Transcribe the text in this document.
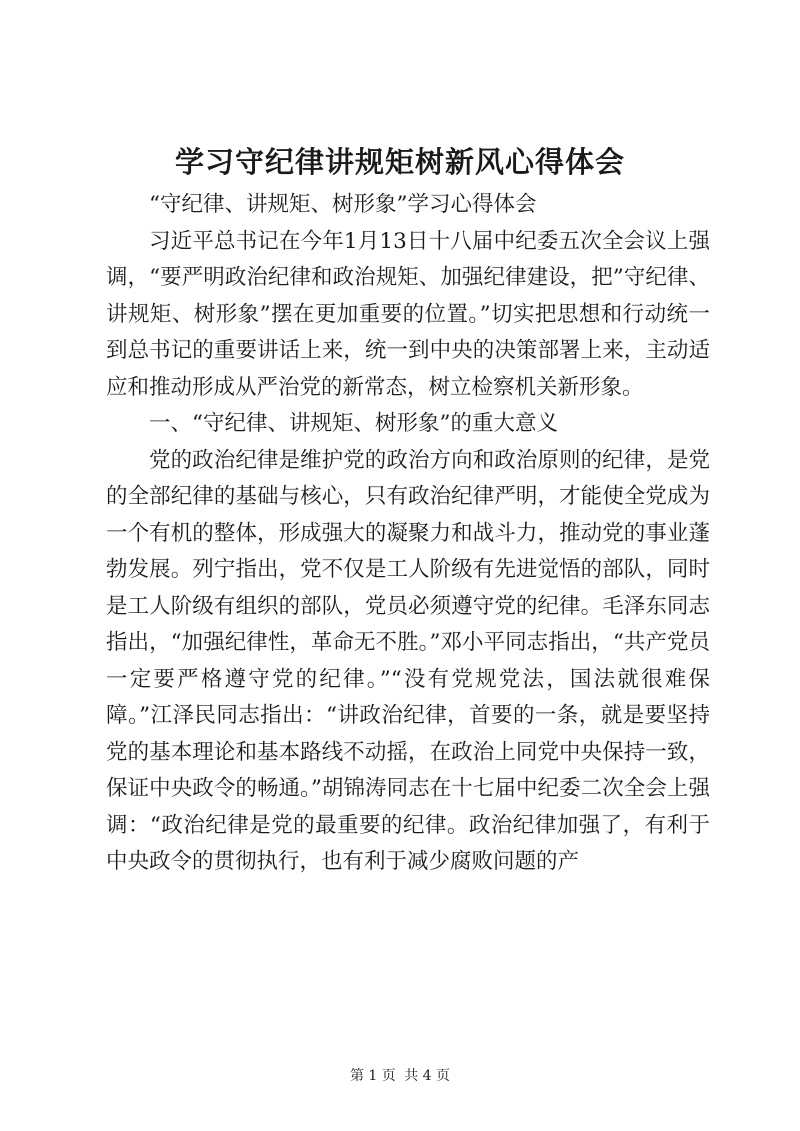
学习守纪律讲规矩树新风心得体会

“守纪律、讲规矩、树形象”学习心得体会

习近平总书记在今年1月13日十八届中纪委五次全会议上强调，“要严明政治纪律和政治规矩、加强纪律建设，把”守纪律、讲规矩、树形象”摆在更加重要的位置。”切实把思想和行动统一到总书记的重要讲话上来，统一到中央的决策部署上来，主动适应和推动形成从严治党的新常态，树立检察机关新形象。

一、“守纪律、讲规矩、树形象”的重大意义

党的政治纪律是维护党的政治方向和政治原则的纪律，是党的全部纪律的基础与核心，只有政治纪律严明，才能使全党成为一个有机的整体，形成强大的凝聚力和战斗力，推动党的事业蓬勃发展。列宁指出，党不仅是工人阶级有先进觉悟的部队，同时是工人阶级有组织的部队，党员必须遵守党的纪律。毛泽东同志指出，“加强纪律性，革命无不胜。”邓小平同志指出，“共产党员一定要严格遵守党的纪律。”“没有党规党法，国法就很难保障。”江泽民同志指出：“讲政治纪律，首要的一条，就是要坚持党的基本理论和基本路线不动摇，在政治上同党中央保持一致，保证中央政令的畅通。”胡锦涛同志在十七届中纪委二次全会上强调：“政治纪律是党的最重要的纪律。政治纪律加强了，有利于中央政令的贯彻执行，也有利于减少腐败问题的产

第 1 页 共 4 页
